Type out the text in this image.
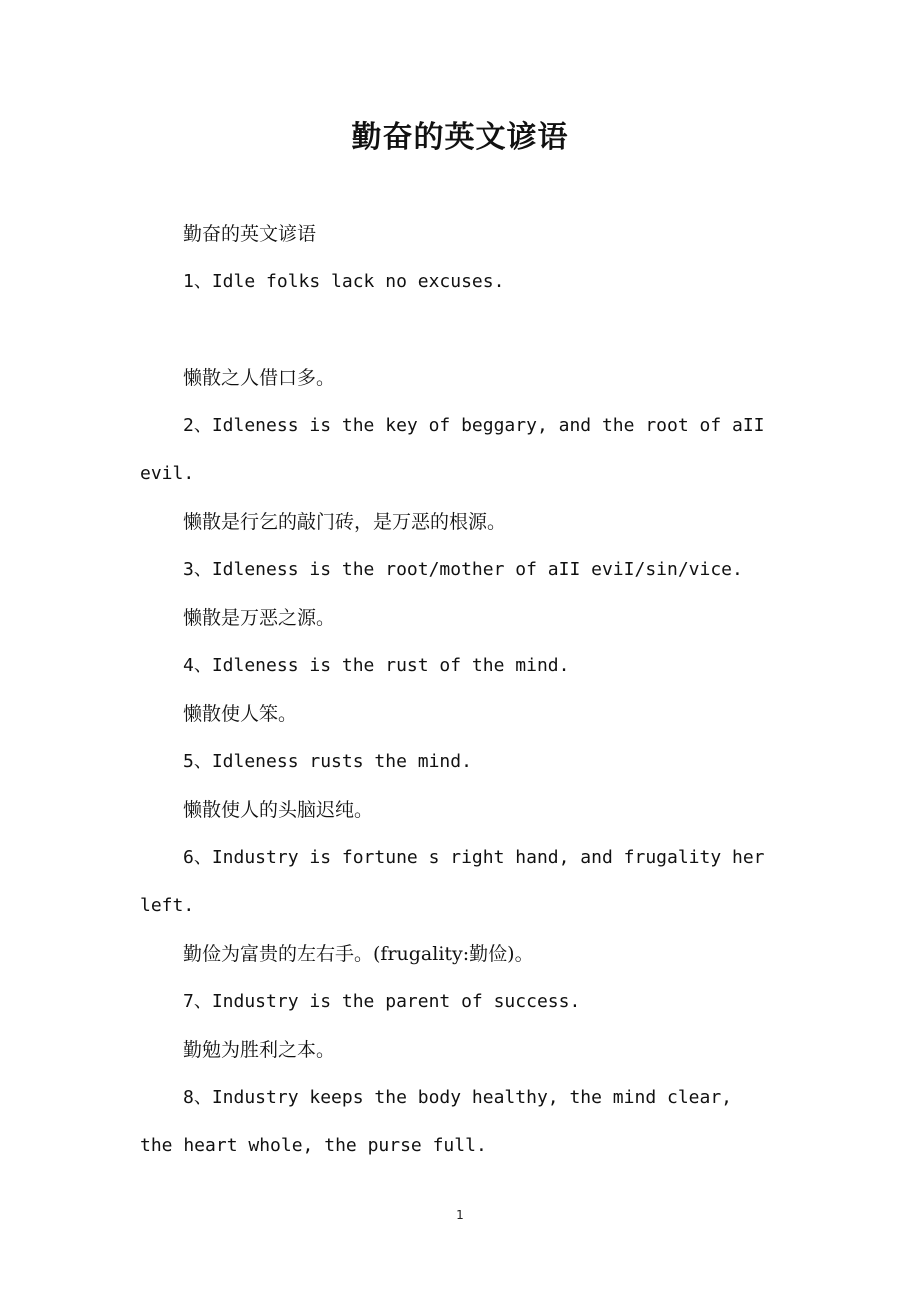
勤奋的英文谚语
勤奋的英文谚语
1、Idle folks lack no excuses.
懒散之人借口多。
2、Idleness is the key of beggary, and the root of aII
evil.
懒散是行乞的敲门砖，是万恶的根源。
3、Idleness is the root/mother of aII eviI/sin/vice.
懒散是万恶之源。
4、Idleness is the rust of the mind.
懒散使人笨。
5、Idleness rusts the mind.
懒散使人的头脑迟纯。
6、Industry is fortune s right hand, and frugality her
left.
勤俭为富贵的左右手。(frugality:勤俭)。
7、Industry is the parent of success.
勤勉为胜利之本。
8、Industry keeps the body healthy, the mind clear,
the heart whole, the purse full.
1
